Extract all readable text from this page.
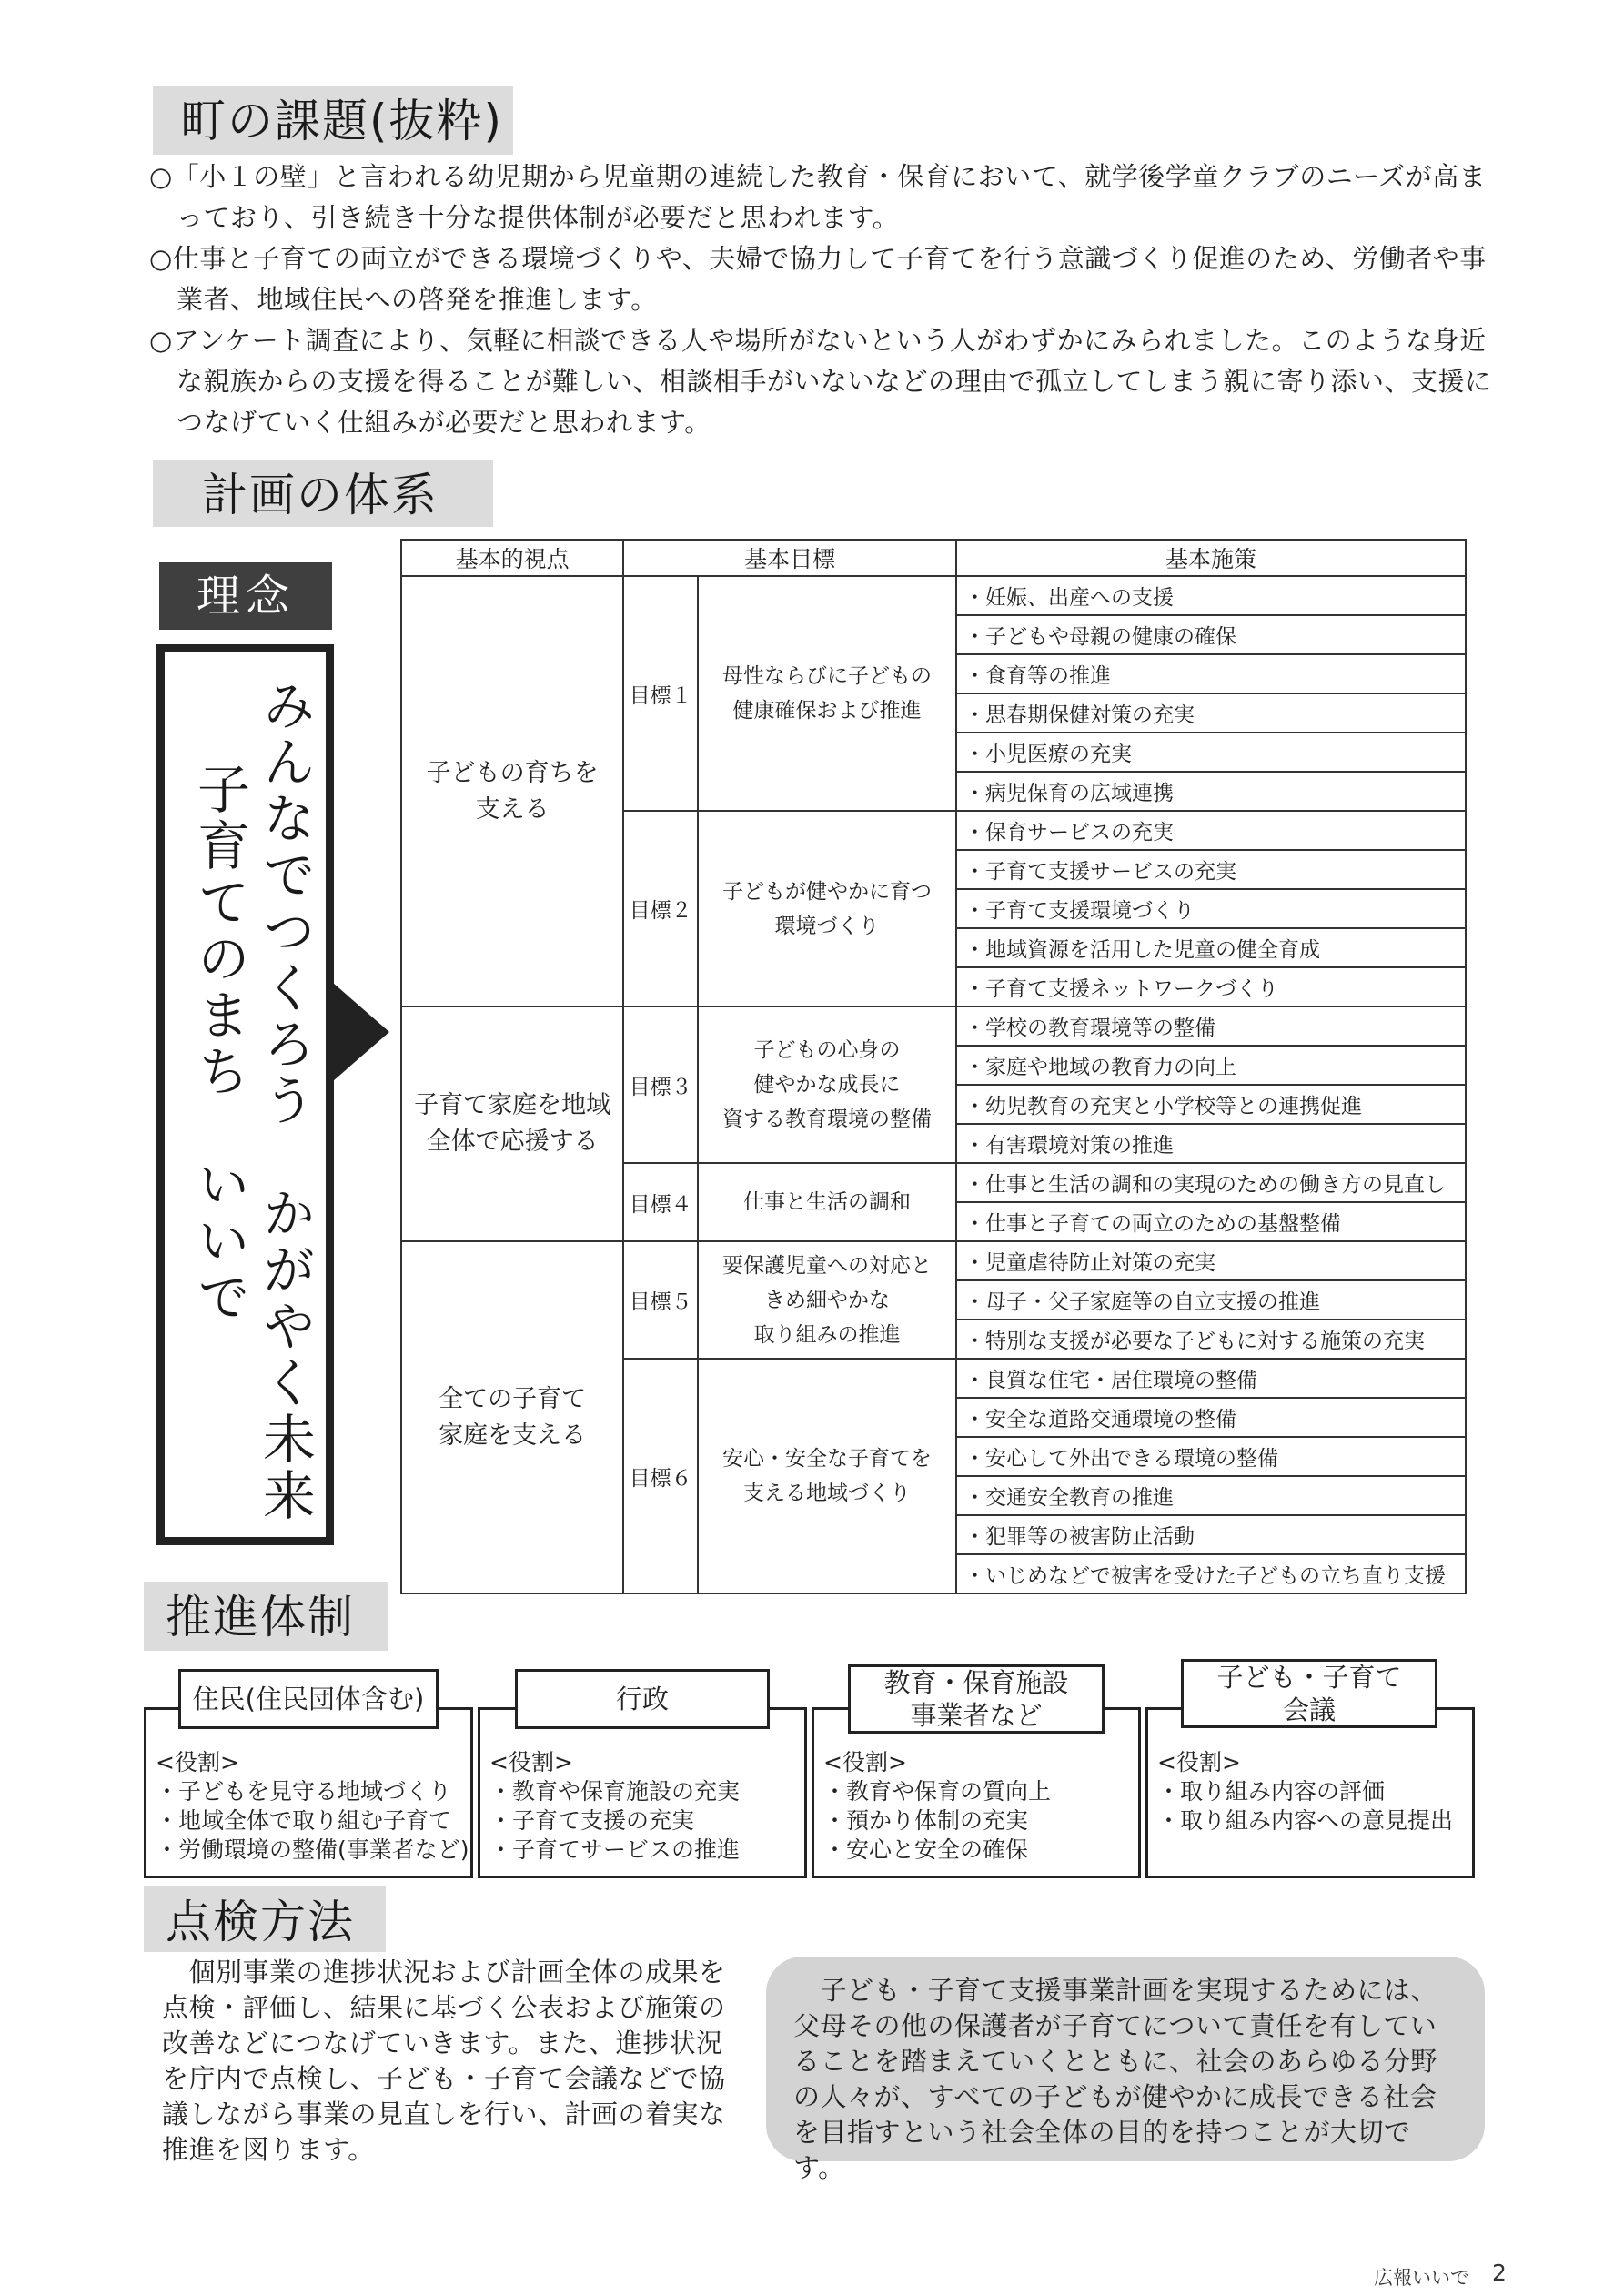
町の課題(抜粋)
○「小１の壁」と言われる幼児期から児童期の連続した教育・保育において、就学後学童クラブのニーズが高まっており、引き続き十分な提供体制が必要だと思われます。
○仕事と子育ての両立ができる環境づくりや、夫婦で協力して子育てを行う意識づくり促進のため、労働者や事業者、地域住民への啓発を推進します。
○アンケート調査により、気軽に相談できる人や場所がないという人がわずかにみられました。このような身近な親族からの支援を得ることが難しい、相談相手がいないなどの理由で孤立してしまう親に寄り添い、支援につなげていく仕組みが必要だと思われます。
計画の体系
理念
みんなでつくろう　かがやく未来
子育てのまち　いいで
基本的視点	基本目標		基本施策
子どもの育ちを
支える	目標１	母性ならびに子どもの
健康確保および推進	・妊娠、出産への支援
			・子どもや母親の健康の確保
			・食育等の推進
			・思春期保健対策の充実
			・小児医療の充実
			・病児保育の広域連携
	目標２	子どもが健やかに育つ
環境づくり	・保育サービスの充実
			・子育て支援サービスの充実
			・子育て支援環境づくり
			・地域資源を活用した児童の健全育成
			・子育て支援ネットワークづくり
子育て家庭を地域
全体で応援する	目標３	子どもの心身の
健やかな成長に
資する教育環境の整備	・学校の教育環境等の整備
			・家庭や地域の教育力の向上
			・幼児教育の充実と小学校等との連携促進
			・有害環境対策の推進
	目標４	仕事と生活の調和	・仕事と生活の調和の実現のための働き方の見直し
			・仕事と子育ての両立のための基盤整備
全ての子育て
家庭を支える	目標５	要保護児童への対応と
きめ細やかな
取り組みの推進	・児童虐待防止対策の充実
			・母子・父子家庭等の自立支援の推進
			・特別な支援が必要な子どもに対する施策の充実
	目標６	安心・安全な子育てを
支える地域づくり	・良質な住宅・居住環境の整備
			・安全な道路交通環境の整備
			・安心して外出できる環境の整備
			・交通安全教育の推進
			・犯罪等の被害防止活動
			・いじめなどで被害を受けた子どもの立ち直り支援
推進体制
<役割>
・子どもを見守る地域づくり
・地域全体で取り組む子育て
・労働環境の整備(事業者など)
住民(住民団体含む)
<役割>
・教育や保育施設の充実
・子育て支援の充実
・子育てサービスの推進
行政
<役割>
・教育や保育の質向上
・預かり体制の充実
・安心と安全の確保
教育・保育施設
事業者など
<役割>
・取り組み内容の評価
・取り組み内容への意見提出
子ども・子育て
会議
点検方法
　個別事業の進捗状況および計画全体の成果を点検・評価し、結果に基づく公表および施策の改善などにつなげていきます。また、進捗状況を庁内で点検し、子ども・子育て会議などで協議しながら事業の見直しを行い、計画の着実な推進を図ります。
　子ども・子育て支援事業計画を実現するためには、父母その他の保護者が子育てについて責任を有していることを踏まえていくとともに、社会のあらゆる分野の人々が、すべての子どもが健やかに成長できる社会を目指すという社会全体の目的を持つことが大切です。
広報いいで 2
